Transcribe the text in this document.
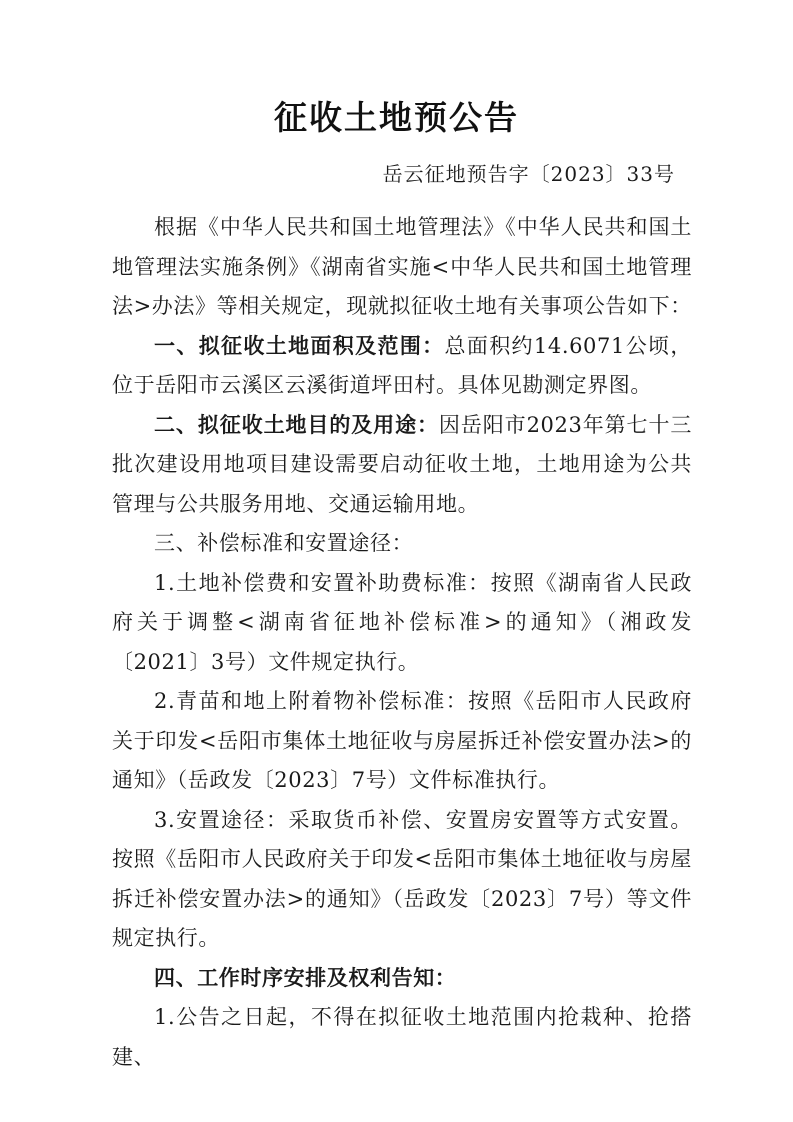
征收土地预公告
岳云征地预告字〔2023〕33号

根据《中华人民共和国土地管理法》《中华人民共和国土地管理法实施条例》《湖南省实施<中华人民共和国土地管理法>办法》等相关规定，现就拟征收土地有关事项公告如下：

一、拟征收土地面积及范围：总面积约14.6071公顷，位于岳阳市云溪区云溪街道坪田村。具体见勘测定界图。

二、拟征收土地目的及用途：因岳阳市2023年第七十三批次建设用地项目建设需要启动征收土地，土地用途为公共管理与公共服务用地、交通运输用地。

三、补偿标准和安置途径：

1.土地补偿费和安置补助费标准：按照《湖南省人民政府关于调整<湖南省征地补偿标准>的通知》（湘政发〔2021〕3号）文件规定执行。

2.青苗和地上附着物补偿标准：按照《岳阳市人民政府关于印发<岳阳市集体土地征收与房屋拆迁补偿安置办法>的通知》（岳政发〔2023〕7号）文件标准执行。

3.安置途径：采取货币补偿、安置房安置等方式安置。按照《岳阳市人民政府关于印发<岳阳市集体土地征收与房屋拆迁补偿安置办法>的通知》（岳政发〔2023〕7号）等文件规定执行。

四、工作时序安排及权利告知：

1.公告之日起，不得在拟征收土地范围内抢栽种、抢搭建、
